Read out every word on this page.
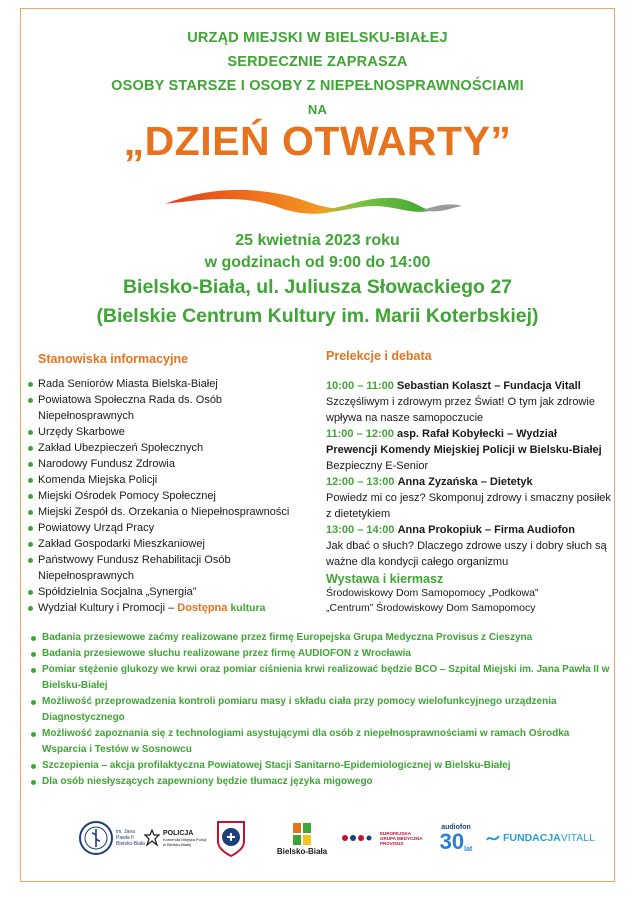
URZĄD MIEJSKI W BIELSKU-BIAŁEJ
SERDECZNIE ZAPRASZA
OSOBY STARSZE I OSOBY Z NIEPEŁNOSPRAWNOŚCIAMI
NA
„DZIEŃ OTWARTY”
25 kwietnia 2023 roku
w godzinach od 9:00 do 14:00
Bielsko-Biała, ul. Juliusza Słowackiego 27
(Bielskie Centrum Kultury im. Marii Koterbskiej)
Stanowiska informacyjne
Rada Seniorów Miasta Bielska-Białej
Powiatowa Społeczna Rada ds. Osób Niepełnosprawnych
Urzędy Skarbowe
Zakład Ubezpieczeń Społecznych
Narodowy Fundusz Zdrowia
Komenda Miejska Policji
Miejski Ośrodek Pomocy Społecznej
Miejski Zespół ds. Orzekania o Niepełnosprawności
Powiatowy Urząd Pracy
Zakład Gospodarki Mieszkaniowej
Państwowy Fundusz Rehabilitacji Osób Niepełnosprawnych
Spółdzielnia Socjalna „Synergia”
Wydział Kultury i Promocji – Dostępna kultura
Prelekcje i debata
10:00 – 11:00 Sebastian Kolaszt – Fundacja Vitall
Szczęśliwym i zdrowym przez Świat! O tym jak zdrowie wpływa na nasze samopoczucie
11:00 – 12:00 asp. Rafał Kobyłecki – Wydział Prewencji Komendy Miejskiej Policji w Bielsku-Białej
Bezpieczny E-Senior
12:00 – 13:00 Anna Zyzańska – Dietetyk
Powiedz mi co jesz? Skomponuj zdrowy i smaczny posiłek z dietetykiem
13:00 – 14:00 Anna Prokopiuk – Firma Audiofon
Jak dbać o słuch? Dlaczego zdrowe uszy i dobry słuch są ważne dla kondycji całego organizmu
Wystawa i kiermasz
Środowiskowy Dom Samopomocy „Podkowa”
„Centrum” Środowiskowy Dom Samopomocy
Badania przesiewowe zaćmy realizowane przez firmę Europejska Grupa Medyczna Provisus z Cieszyna
Badania przesiewowe słuchu realizowane przez firmę AUDIOFON z Wrocławia
Pomiar stężenie glukozy we krwi oraz pomiar ciśnienia krwi realizować będzie BCO – Szpital Miejski im. Jana Pawła II w Bielsku-Białej
Możliwość przeprowadzenia kontroli pomiaru masy i składu ciała przy pomocy wielofunkcyjnego urządzenia Diagnostycznego
Możliwość zapoznania się z technologiami asystującymi dla osób z niepełnosprawnościami w ramach Ośrodka Wsparcia i Testów w Sosnowcu
Szczepienia – akcja profilaktyczna Powiatowej Stacji Sanitarno-Epidemiologicznej w Bielsku-Białej
Dla osób niesłyszących zapewniony będzie tłumacz języka migowego
im. Jana Pawła II Bielsko-Biała
POLICJA
Komenda Miejska Policji w Bielsku-Białej
Bielsko-Biała
EUROPEJSKA GRUPA MEDYCZNA PROVISUS
audiofon
30 lat
FUNDACJA VITALL
